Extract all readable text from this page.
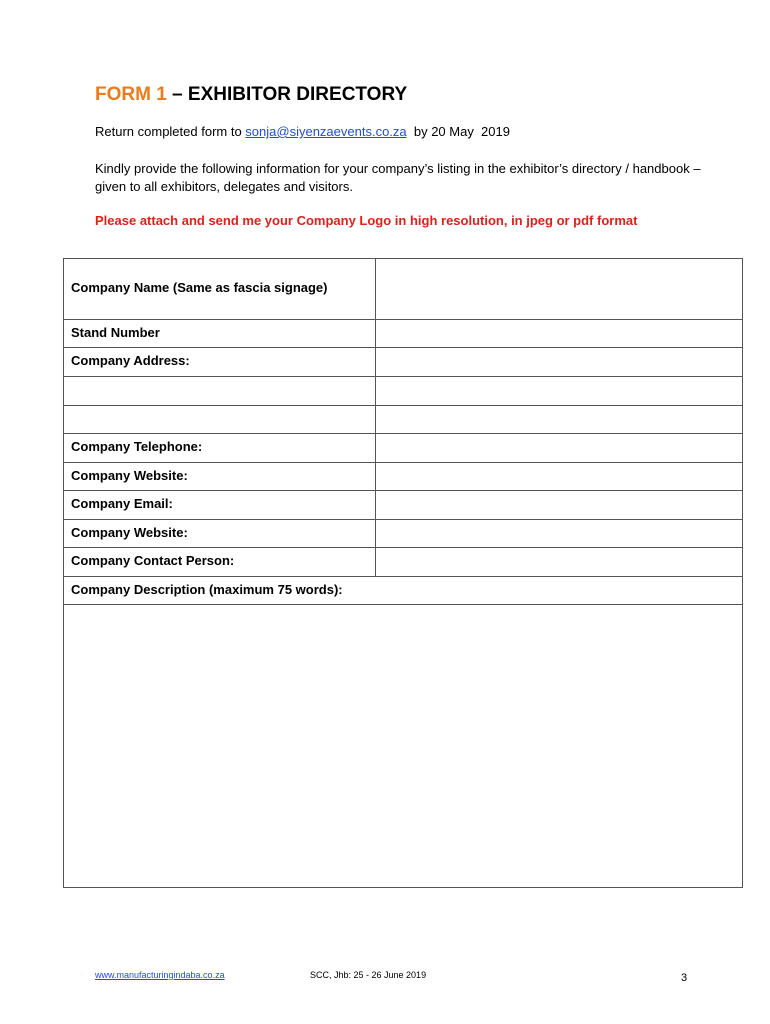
FORM 1 – EXHIBITOR DIRECTORY
Return completed form to sonja@siyenzaevents.co.za  by 20 May  2019
Kindly provide the following information for your company’s listing in the exhibitor’s directory / handbook – given to all exhibitors, delegates and visitors.
Please attach and send me your Company Logo in high resolution, in jpeg or pdf format
Company Name (Same as fascia signage)
Stand Number
Company Address:
Company Telephone:
Company Website:
Company Email:
Company Website:
Company Contact Person:
Company Description (maximum 75 words):
www.manufacturingindaba.co.za	SCC, Jhb: 25 - 26 June 2019	3
